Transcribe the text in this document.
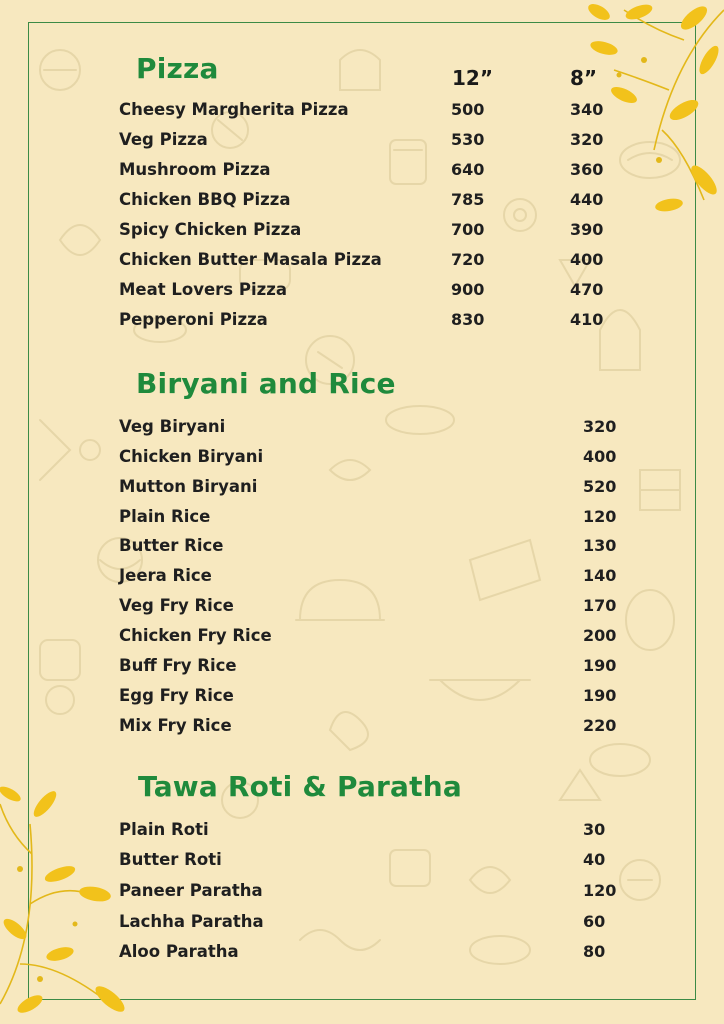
Pizza	12”	8”
Cheesy Margherita Pizza	500	340
Veg Pizza	530	320
Mushroom Pizza	640	360
Chicken BBQ Pizza	785	440
Spicy Chicken Pizza	700	390
Chicken Butter Masala Pizza	720	400
Meat Lovers Pizza	900	470
Pepperoni Pizza	830	410
Biryani and Rice
Veg Biryani	320
Chicken Biryani	400
Mutton Biryani	520
Plain Rice	120
Butter Rice	130
Jeera Rice	140
Veg Fry Rice	170
Chicken Fry Rice	200
Buff Fry Rice	190
Egg Fry Rice	190
Mix Fry Rice	220
Tawa Roti & Paratha
Plain Roti	30
Butter Roti	40
Paneer Paratha	120
Lachha Paratha	60
Aloo Paratha	80
